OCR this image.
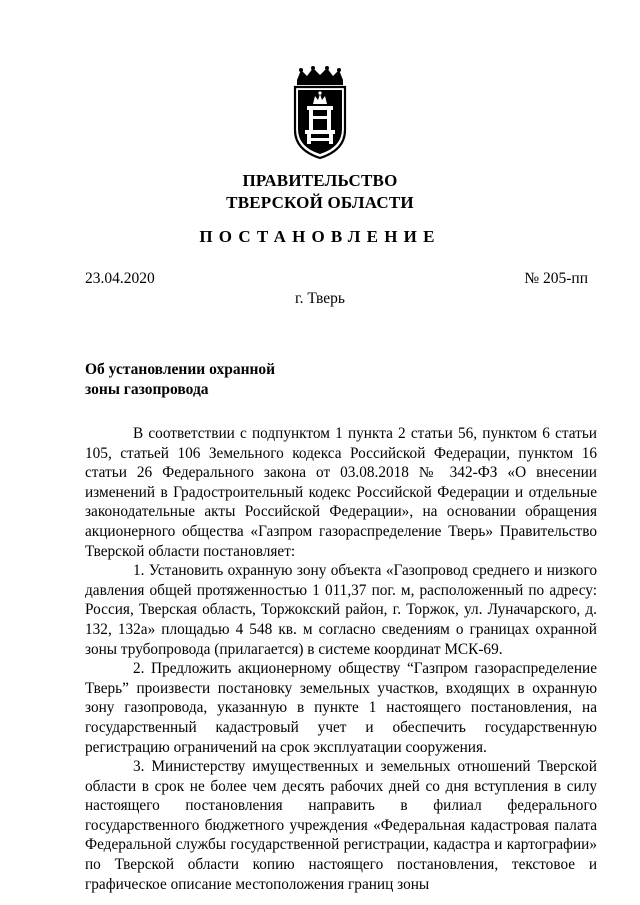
ПРАВИТЕЛЬСТВО
ТВЕРСКОЙ ОБЛАСТИ
ПОСТАНОВЛЕНИЕ
23.04.2020	№ 205-пп
г. Тверь
Об установлении охранной
зоны газопровода

В соответствии с подпунктом 1 пункта 2 статьи 56, пунктом 6 статьи 105, статьей 106 Земельного кодекса Российской Федерации, пунктом 16 статьи 26 Федерального закона от 03.08.2018 № 342-ФЗ «О внесении изменений в Градостроительный кодекс Российской Федерации и отдельные законодательные акты Российской Федерации», на основании обращения акционерного общества «Газпром газораспределение Тверь» Правительство Тверской области постановляет:

1. Установить охранную зону объекта «Газопровод среднего и низкого давления общей протяженностью 1 011,37 пог. м, расположенный по адресу: Россия, Тверская область, Торжокский район, г. Торжок, ул. Луначарского, д. 132, 132а» площадью 4 548 кв. м согласно сведениям о границах охранной зоны трубопровода (прилагается) в системе координат МСК-69.

2. Предложить акционерному обществу “Газпром газораспределение Тверь” произвести постановку земельных участков, входящих в охранную зону газопровода, указанную в пункте 1 настоящего постановления, на государственный кадастровый учет и обеспечить государственную регистрацию ограничений на срок эксплуатации сооружения.

3. Министерству имущественных и земельных отношений Тверской области в срок не более чем десять рабочих дней со дня вступления в силу настоящего постановления направить в филиал федерального государственного бюджетного учреждения «Федеральная кадастровая палата Федеральной службы государственной регистрации, кадастра и картографии» по Тверской области копию настоящего постановления, текстовое и графическое описание местоположения границ зоны
